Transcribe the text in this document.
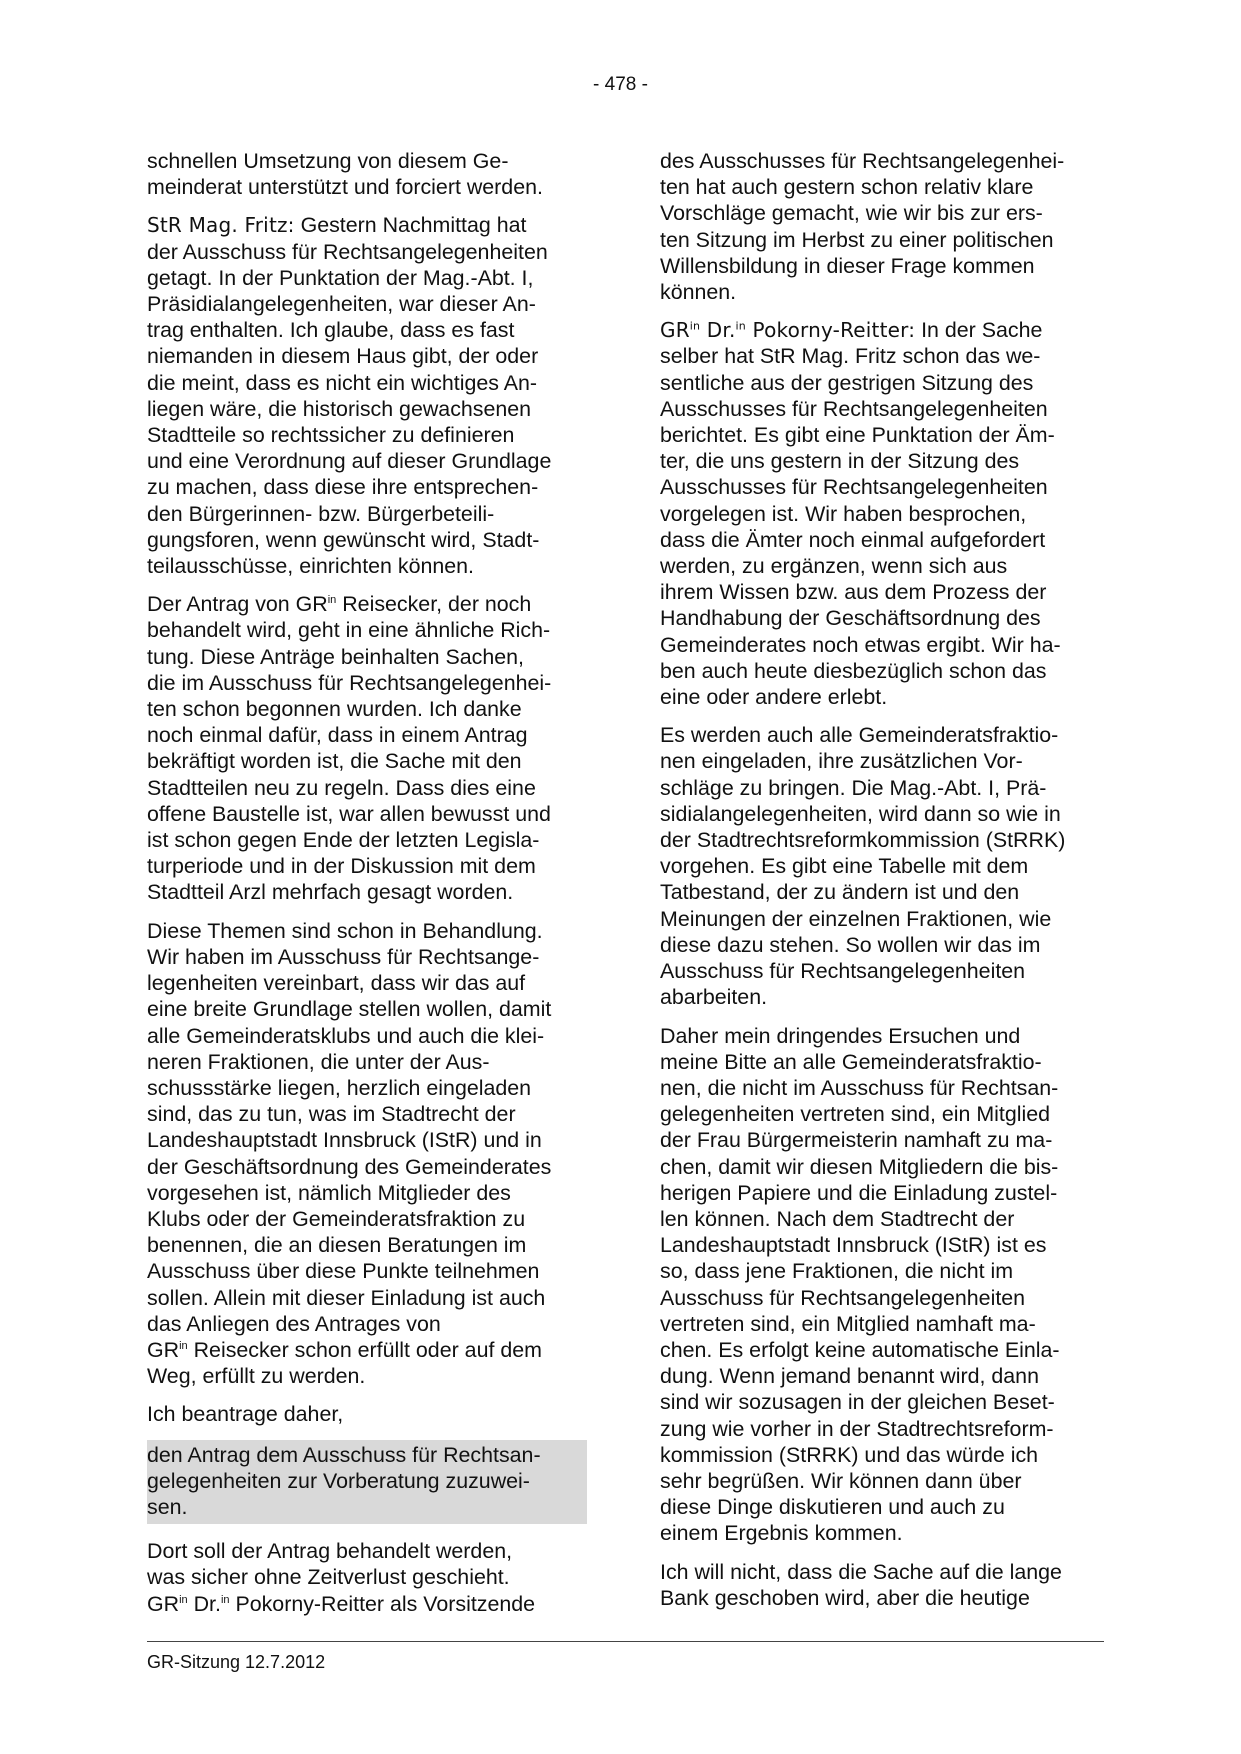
- 478 -
schnellen Umsetzung von diesem Ge-
meinderat unterstützt und forciert werden.
StR Mag. Fritz: Gestern Nachmittag hat
der Ausschuss für Rechtsangelegenheiten
getagt. In der Punktation der Mag.-Abt. I,
Präsidialangelegenheiten, war dieser An-
trag enthalten. Ich glaube, dass es fast
niemanden in diesem Haus gibt, der oder
die meint, dass es nicht ein wichtiges An-
liegen wäre, die historisch gewachsenen
Stadtteile so rechtssicher zu definieren
und eine Verordnung auf dieser Grundlage
zu machen, dass diese ihre entsprechen-
den Bürgerinnen- bzw. Bürgerbeteili-
gungsforen, wenn gewünscht wird, Stadt-
teilausschüsse, einrichten können.
Der Antrag von $GR^{in}$ Reisecker, der noch
behandelt wird, geht in eine ähnliche Rich-
tung. Diese Anträge beinhalten Sachen,
die im Ausschuss für Rechtsangelegenhei-
ten schon begonnen wurden. Ich danke
noch einmal dafür, dass in einem Antrag
bekräftigt worden ist, die Sache mit den
Stadtteilen neu zu regeln. Dass dies eine
offene Baustelle ist, war allen bewusst und
ist schon gegen Ende der letzten Legisla-
turperiode und in der Diskussion mit dem
Stadtteil Arzl mehrfach gesagt worden.
Diese Themen sind schon in Behandlung.
Wir haben im Ausschuss für Rechtsange-
legenheiten vereinbart, dass wir das auf
eine breite Grundlage stellen wollen, damit
alle Gemeinderatsklubs und auch die klei-
neren Fraktionen, die unter der Aus-
schussstärke liegen, herzlich eingeladen
sind, das zu tun, was im Stadtrecht der
Landeshauptstadt Innsbruck (IStR) und in
der Geschäftsordnung des Gemeinderates
vorgesehen ist, nämlich Mitglieder des
Klubs oder der Gemeinderatsfraktion zu
benennen, die an diesen Beratungen im
Ausschuss über diese Punkte teilnehmen
sollen. Allein mit dieser Einladung ist auch
das Anliegen des Antrages von
$GR^{in}$ Reisecker schon erfüllt oder auf dem
Weg, erfüllt zu werden.
Ich beantrage daher,
den Antrag dem Ausschuss für Rechtsan-
gelegenheiten zur Vorberatung zuzuwei-
sen.
Dort soll der Antrag behandelt werden,
was sicher ohne Zeitverlust geschieht.
$GR^{in}$ Dr.$^{in}$ Pokorny-Reitter als Vorsitzende
des Ausschusses für Rechtsangelegenhei-
ten hat auch gestern schon relativ klare
Vorschläge gemacht, wie wir bis zur ers-
ten Sitzung im Herbst zu einer politischen
Willensbildung in dieser Frage kommen
können.
$GR^{in}$ Dr.$^{in}$ Pokorny-Reitter: In der Sache
selber hat StR Mag. Fritz schon das we-
sentliche aus der gestrigen Sitzung des
Ausschusses für Rechtsangelegenheiten
berichtet. Es gibt eine Punktation der Äm-
ter, die uns gestern in der Sitzung des
Ausschusses für Rechtsangelegenheiten
vorgelegen ist. Wir haben besprochen,
dass die Ämter noch einmal aufgefordert
werden, zu ergänzen, wenn sich aus
ihrem Wissen bzw. aus dem Prozess der
Handhabung der Geschäftsordnung des
Gemeinderates noch etwas ergibt. Wir ha-
ben auch heute diesbezüglich schon das
eine oder andere erlebt.
Es werden auch alle Gemeinderatsfraktio-
nen eingeladen, ihre zusätzlichen Vor-
schläge zu bringen. Die Mag.-Abt. I, Prä-
sidialangelegenheiten, wird dann so wie in
der Stadtrechtsreformkommission (StRRK)
vorgehen. Es gibt eine Tabelle mit dem
Tatbestand, der zu ändern ist und den
Meinungen der einzelnen Fraktionen, wie
diese dazu stehen. So wollen wir das im
Ausschuss für Rechtsangelegenheiten
abarbeiten.
Daher mein dringendes Ersuchen und
meine Bitte an alle Gemeinderatsfraktio-
nen, die nicht im Ausschuss für Rechtsan-
gelegenheiten vertreten sind, ein Mitglied
der Frau Bürgermeisterin namhaft zu ma-
chen, damit wir diesen Mitgliedern die bis-
herigen Papiere und die Einladung zustel-
len können. Nach dem Stadtrecht der
Landeshauptstadt Innsbruck (IStR) ist es
so, dass jene Fraktionen, die nicht im
Ausschuss für Rechtsangelegenheiten
vertreten sind, ein Mitglied namhaft ma-
chen. Es erfolgt keine automatische Einla-
dung. Wenn jemand benannt wird, dann
sind wir sozusagen in der gleichen Beset-
zung wie vorher in der Stadtrechtsreform-
kommission (StRRK) und das würde ich
sehr begrüßen. Wir können dann über
diese Dinge diskutieren und auch zu
einem Ergebnis kommen.
Ich will nicht, dass die Sache auf die lange
Bank geschoben wird, aber die heutige
GR-Sitzung 12.7.2012
